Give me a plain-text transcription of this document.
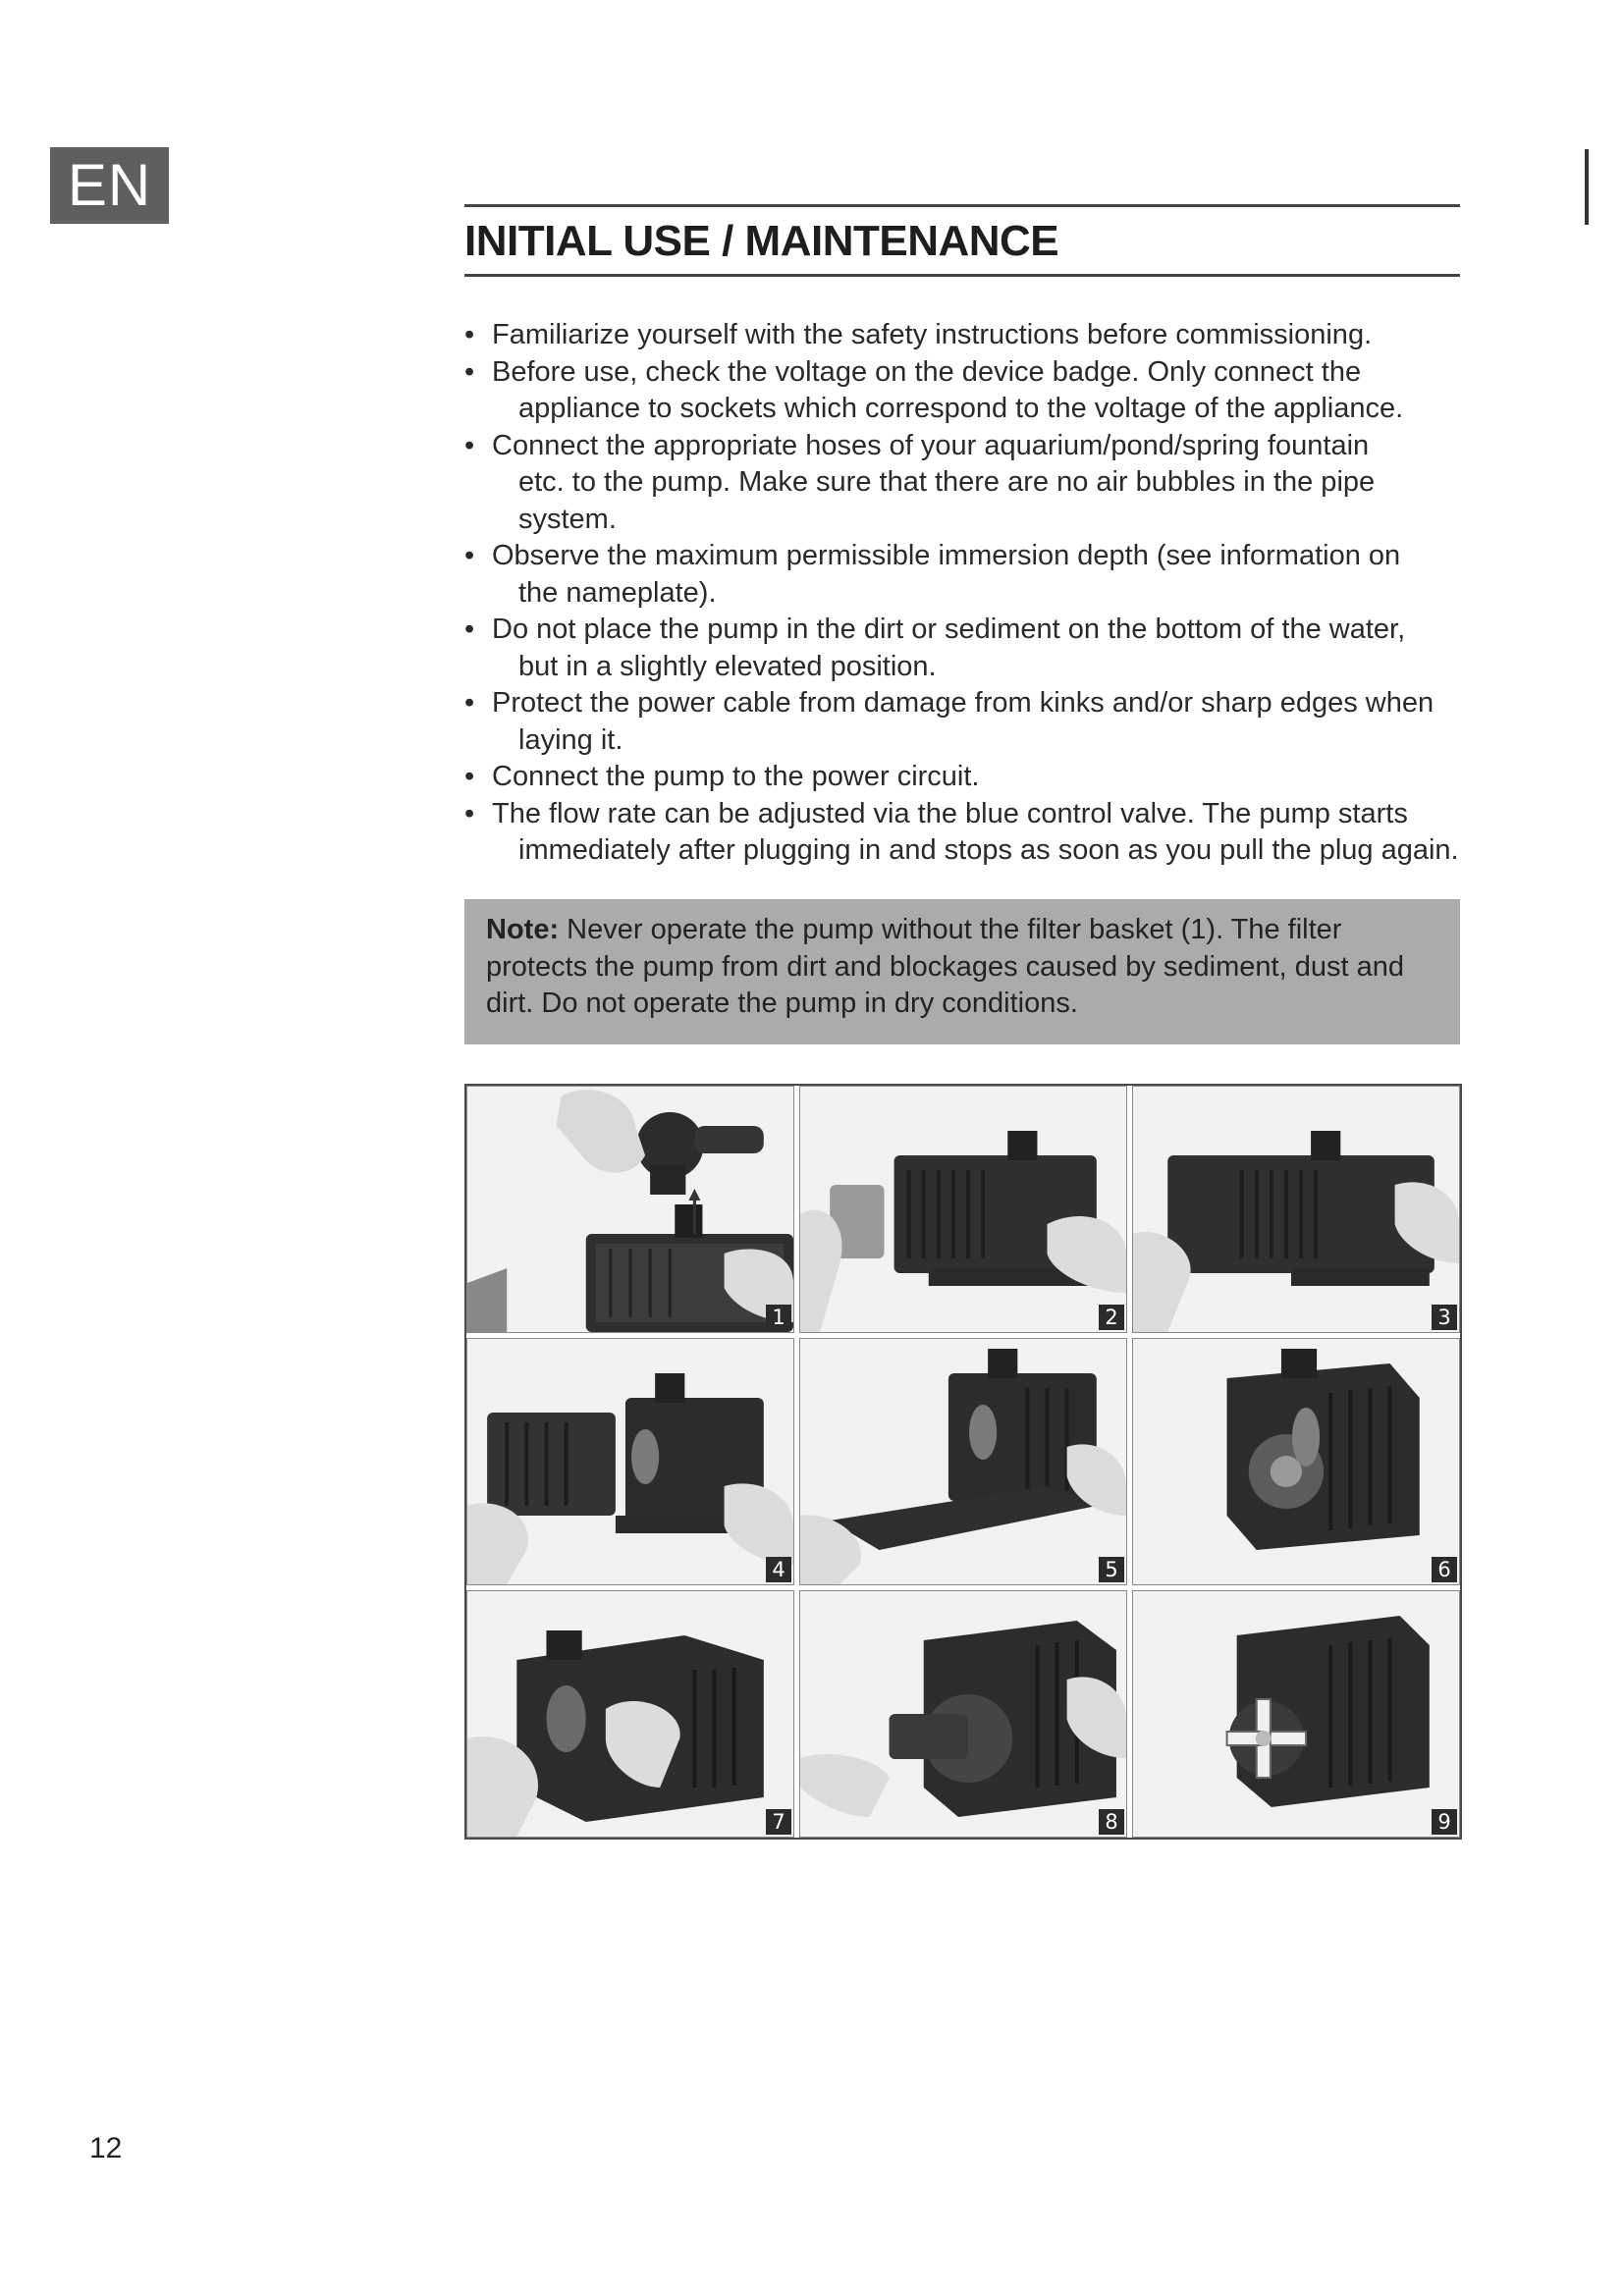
EN
INITIAL USE / MAINTENANCE
• Familiarize yourself with the safety instructions before commissioning.
• Before use, check the voltage on the device badge. Only connect the
appliance to sockets which correspond to the voltage of the appliance.
• Connect the appropriate hoses of your aquarium/pond/spring fountain
etc. to the pump. Make sure that there are no air bubbles in the pipe
system.
• Observe the maximum permissible immersion depth (see information on
the nameplate).
• Do not place the pump in the dirt or sediment on the bottom of the water,
but in a slightly elevated position.
• Protect the power cable from damage from kinks and/or sharp edges when
laying it.
• Connect the pump to the power circuit.
• The flow rate can be adjusted via the blue control valve. The pump starts
immediately after plugging in and stops as soon as you pull the plug again.
Note: Never operate the pump without the filter basket (1). The filter protects the pump from dirt and blockages caused by sediment, dust and dirt. Do not operate the pump in dry conditions.
1	2	3
4	5	6
7	8	9
12
